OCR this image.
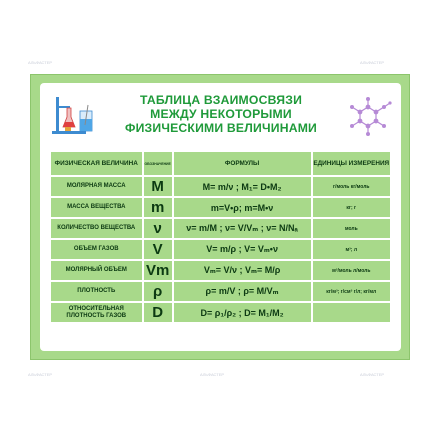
ТАБЛИЦА ВЗАИМОСВЯЗИ
МЕЖДУ НЕКОТОРЫМИ
ФИЗИЧЕСКИМИ ВЕЛИЧИНАМИ
ФИЗИЧЕСКАЯ ВЕЛИЧИНА	ОБОЗНАЧЕНИЕ	ФОРМУЛЫ	ЕДИНИЦЫ ИЗМЕРЕНИЯ

МОЛЯРНАЯ МАССА	M	M= m/ν ; M₁= D•M₂	г/моль кг/моль

МАССА ВЕЩЕСТВА	m	m=V•ρ; m=M•ν	кг; г

КОЛИЧЕСТВО ВЕЩЕСТВА	ν	ν= m/M ; ν= V/Vₘ ; ν= N/Nₐ	моль

ОБЪЕМ ГАЗОВ	V	V= m/ρ ; V= Vₘ•ν	м³; л

МОЛЯРНЫЙ ОБЪЕМ	Vm	Vₘ= V/ν ; Vₘ= M/ρ	м³/моль л/моль

ПЛОТНОСТЬ	ρ	ρ= m/V ; ρ= M/Vₘ	кг/м³; г/см³ г/л; кг/мл

ОТНОСИТЕЛЬНАЯ ПЛОТНОСТЬ ГАЗОВ	D	D= ρ₁/ρ₂ ; D= M₁/M₂	

АЛЬФАСТЕР	АЛЬФАСТЕР
АЛЬФАСТЕР	АЛЬФАСТЕР	АЛЬФАСТЕР
